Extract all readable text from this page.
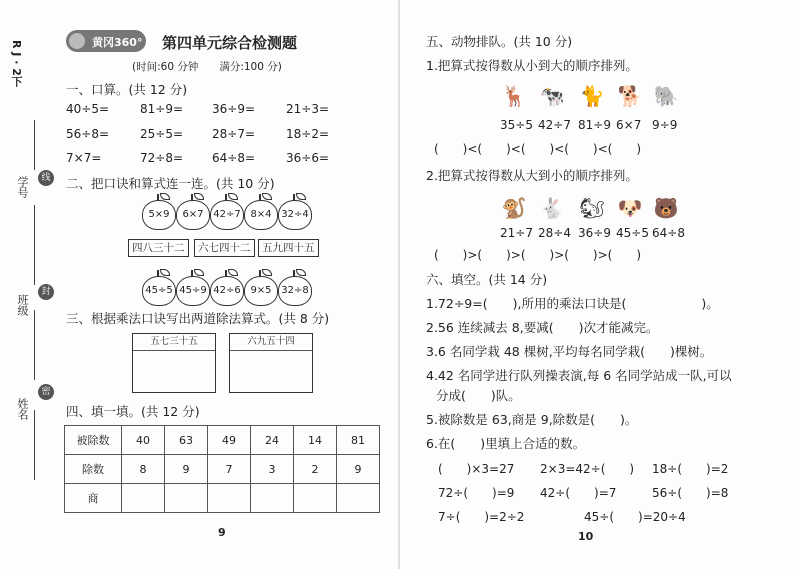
R J · 2下
学号	线
班级
封
姓名
密
黄冈360° 第四单元综合检测题
(时间:60 分钟　　满分:100 分)
一、口算。(共 12 分)
40÷5=	81÷9= 36÷9=	21÷3=
56÷8=	25÷5= 28÷7=	18÷2=
7×7=	72÷8= 64÷8=	36÷6=
二、把口诀和算式连一连。(共 10 分)
5×9	6×7 42÷7 8×4 32÷4
四八三十二	六七四十二	五九四十五
45÷5 45÷9 42÷6 9×5 32÷8
三、根据乘法口诀写出两道除法算式。(共 8 分)
五七三十五	六九五十四
四、填一填。(共 12 分)
被除数	40	63	49	24	14	81
除数	8	9	7	3	2	9
商						
9
五、动物排队。(共 10 分)
1.把算式按得数从小到大的顺序排列。
🦌 🐄 🐈 🐕 🐘
35÷5 42÷7 81÷9 6×7 9÷9
(　　)<(　　)<(　　)<(　　)<(　　)
2.把算式按得数从大到小的顺序排列。
🐒 🐇 🐿 🐶 🐻
21÷7 28÷4 36÷9 45÷5 64÷8
(　　)>(　　)>(　　)>(　　)>(　　)
六、填空。(共 14 分)
1.72÷9=(　　),所用的乘法口诀是(　　　　　　)。
2.56 连续减去 8,要减(　　)次才能减完。
3.6 名同学栽 48 棵树,平均每名同学栽(　　)棵树。
4.42 名同学进行队列操表演,每 6 名同学站成一队,可以
分成(　　)队。
5.被除数是 63,商是 9,除数是(　　)。
6.在(　　)里填上合适的数。
(　　)×3=27 2×3=42÷(　　) 18÷(　　)=2
72÷(　　)=9 42÷(　　)=7	56÷(　　)=8
7÷(　　)=2÷2	45÷(　　)=20÷4
10
